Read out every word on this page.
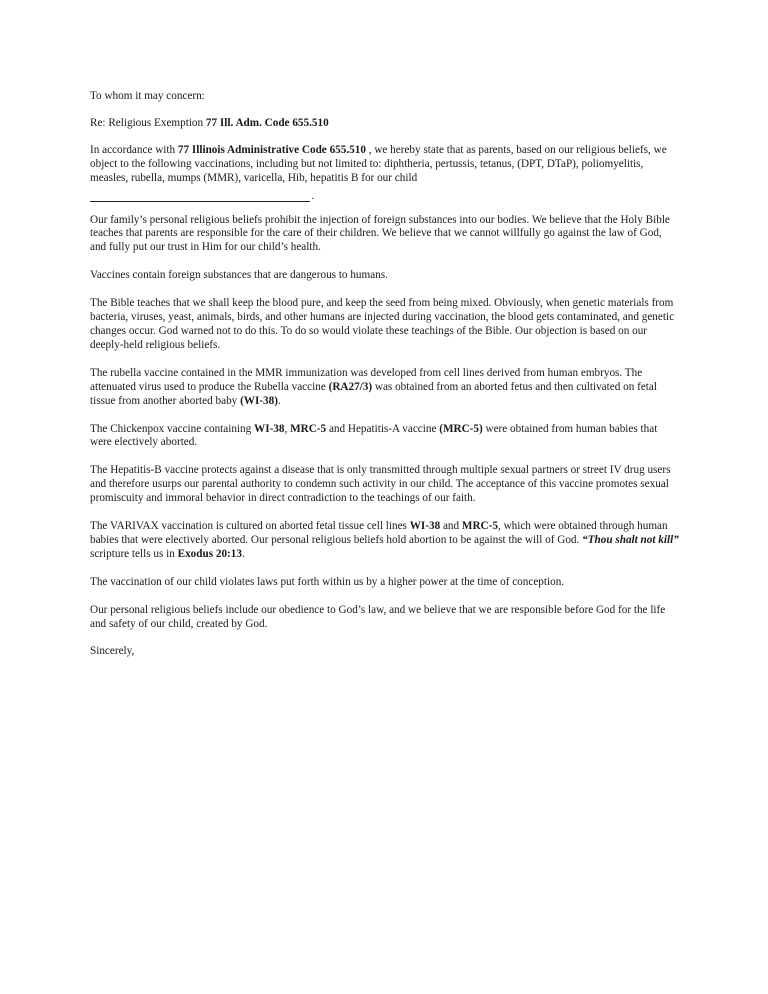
To whom it may concern:

Re: Religious Exemption 77 Ill. Adm. Code 655.510

In accordance with 77 Illinois Administrative Code 655.510 , we hereby state that as parents, based on our religious beliefs, we object to the following vaccinations, including but not limited to: diphtheria, pertussis, tetanus, (DPT, DTaP), poliomyelitis, measles, rubella, mumps (MMR), varicella, Hib, hepatitis B for our child

.

Our family’s personal religious beliefs prohibit the injection of foreign substances into our bodies. We believe that the Holy Bible teaches that parents are responsible for the care of their children. We believe that we cannot willfully go against the law of God, and fully put our trust in Him for our child’s health.

Vaccines contain foreign substances that are dangerous to humans.

The Bible teaches that we shall keep the blood pure, and keep the seed from being mixed. Obviously, when genetic materials from bacteria, viruses, yeast, animals, birds, and other humans are injected during vaccination, the blood gets contaminated, and genetic changes occur. God warned not to do this. To do so would violate these teachings of the Bible. Our objection is based on our deeply-held religious beliefs.

The rubella vaccine contained in the MMR immunization was developed from cell lines derived from human embryos. The attenuated virus used to produce the Rubella vaccine (RA27/3) was obtained from an aborted fetus and then cultivated on fetal tissue from another aborted baby (WI-38).

The Chickenpox vaccine containing WI-38, MRC-5 and Hepatitis-A vaccine (MRC-5) were obtained from human babies that were electively aborted.

The Hepatitis-B vaccine protects against a disease that is only transmitted through multiple sexual partners or street IV drug users and therefore usurps our parental authority to condemn such activity in our child. The acceptance of this vaccine promotes sexual promiscuity and immoral behavior in direct contradiction to the teachings of our faith.

The VARIVAX vaccination is cultured on aborted fetal tissue cell lines WI-38 and MRC-5, which were obtained through human babies that were electively aborted. Our personal religious beliefs hold abortion to be against the will of God. “Thou shalt not kill” scripture tells us in Exodus 20:13.

The vaccination of our child violates laws put forth within us by a higher power at the time of conception.

Our personal religious beliefs include our obedience to God’s law, and we believe that we are responsible before God for the life and safety of our child, created by God.

Sincerely,
